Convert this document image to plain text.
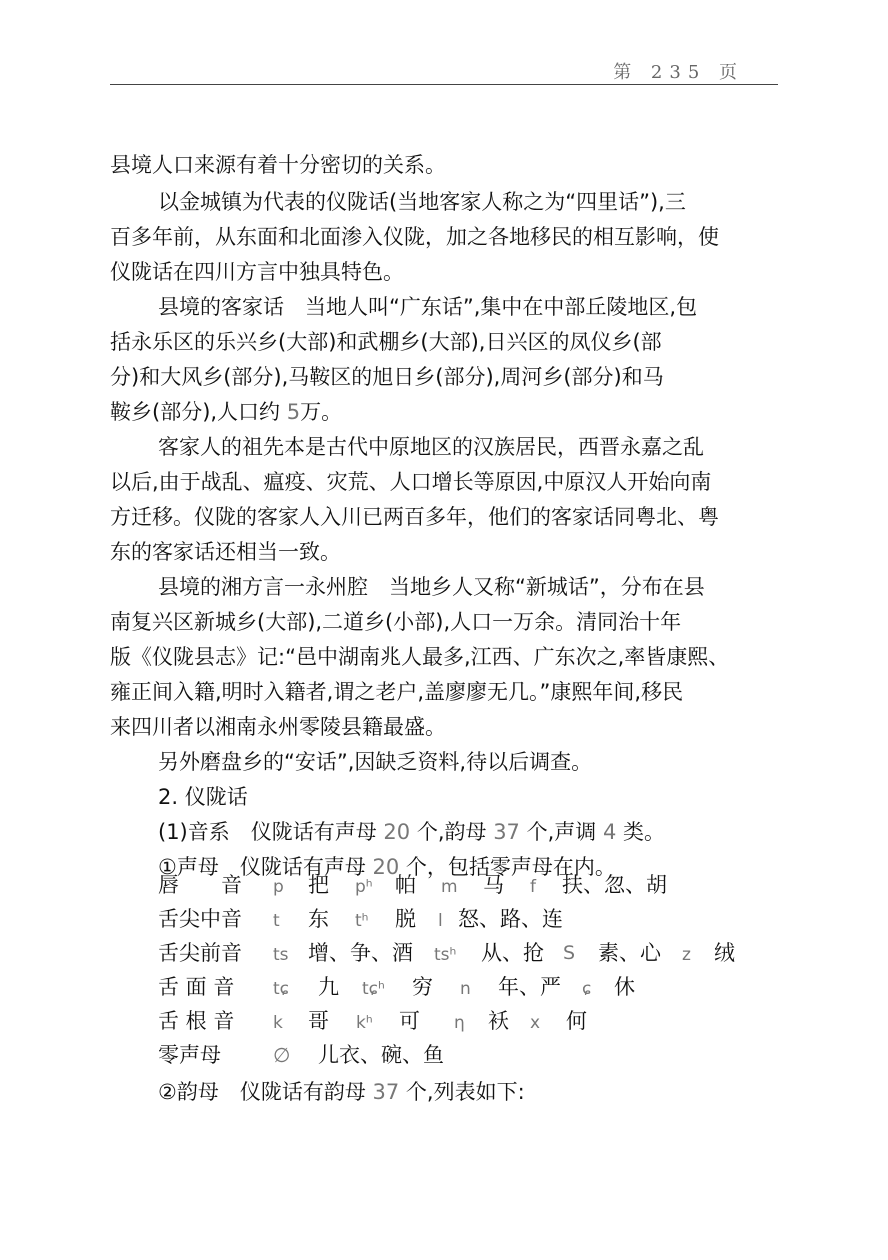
第 235 页
县境人口来源有着十分密切的关系。
以金城镇为代表的仪陇话(当地客家人称之为“四里话”),三
百多年前，从东面和北面渗入仪陇，加之各地移民的相互影响，使
仪陇话在四川方言中独具特色。
县境的客家话　当地人叫“广东话”,集中在中部丘陵地区,包
括永乐区的乐兴乡(大部)和武棚乡(大部),日兴区的凤仪乡(部
分)和大风乡(部分),马鞍区的旭日乡(部分),周河乡(部分)和马
鞍乡(部分),人口约 5万。
客家人的祖先本是古代中原地区的汉族居民，西晋永嘉之乱
以后,由于战乱、瘟疫、灾荒、人口增长等原因,中原汉人开始向南
方迁移。仪陇的客家人入川已两百多年，他们的客家话同粤北、粤
东的客家话还相当一致。
县境的湘方言一永州腔　当地乡人又称“新城话”，分布在县
南复兴区新城乡(大部),二道乡(小部),人口一万余。清同治十年
版《仪陇县志》记:“邑中湖南兆人最多,江西、广东次之,率皆康熙、
雍正间入籍,明时入籍者,谓之老户,盖廖廖无几。”康熙年间,移民
来四川者以湘南永州零陵县籍最盛。
另外磨盘乡的“安话”,因缺乏资料,待以后调查。
2. 仪陇话
(1)音系　仪陇话有声母 20 个,韵母 37 个,声调 4 类。
①声母　仪陇话有声母 20 个，包括零声母在内。
唇　　音 p 把 pʰ 帕 m 马 f 扶、忽、胡
舌尖中音 t 东 tʰ 脱 l 怒、路、连
舌尖前音 ts 增、争、酒 tsʰ 从、抢 S 素、心 z 绒
舌 面 音 tɕ 九 tɕʰ 穷 n 年、严 ɕ 休
舌 根 音 k 哥 kʰ 可 η 袄 x 何
零声母	∅ 儿衣、碗、鱼
②韵母　仪陇话有韵母 37 个,列表如下:
